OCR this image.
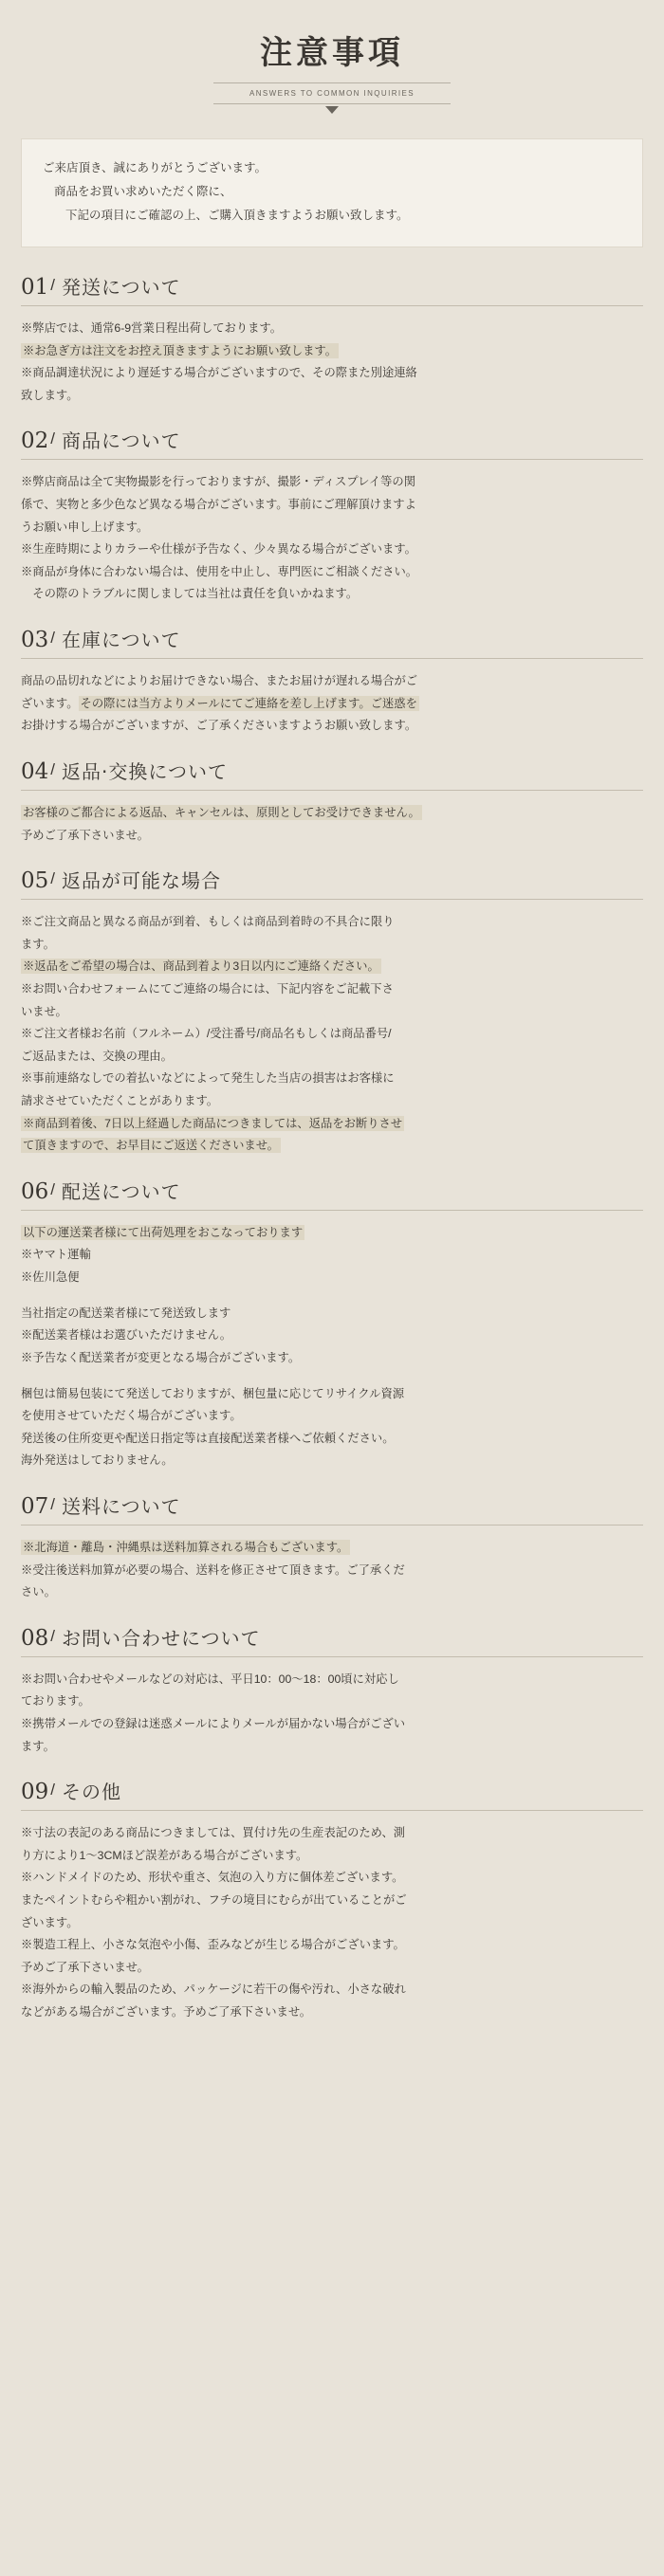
注意事項
ANSWERS TO COMMON INQUIRIES

ご来店頂き、誠にありがとうございます。

商品をお買い求めいただく際に、

下記の項目にご確認の上、ご購入頂きますようお願い致します。

01 / 発送について

※弊店では、通常6-9営業日程出荷しております。

※お急ぎ方は注文をお控え頂きますようにお願い致します。

※商品調達状況により遅延する場合がございますので、その際また別途連絡

致します。

02 / 商品について

※弊店商品は全て実物撮影を行っておりますが、撮影・ディスプレイ等の関

係で、実物と多少色など異なる場合がございます。事前にご理解頂けますよ

うお願い申し上げます。

※生産時期によりカラーや仕様が予告なく、少々異なる場合がございます。

※商品が身体に合わない場合は、使用を中止し、専門医にご相談ください。

　その際のトラブルに関しましては当社は責任を負いかねます。

03 / 在庫について

商品の品切れなどによりお届けできない場合、またお届けが遅れる場合がご

ざいます。 その際には当方よりメールにてご連絡を差し上げます。ご迷惑を

お掛けする場合がございますが、ご了承くださいますようお願い致します。

04 / 返品·交換について

お客様のご都合による返品、キャンセルは、原則としてお受けできません。

予めご了承下さいませ。

05 / 返品が可能な場合

※ご注文商品と異なる商品が到着、もしくは商品到着時の不具合に限り

ます。

※返品をご希望の場合は、商品到着より3日以内にご連絡ください。

※お問い合わせフォームにてご連絡の場合には、下記内容をご記載下さ

いませ。

※ご注文者様お名前（フルネーム）/受注番号/商品名もしくは商品番号/

ご返品または、交換の理由。

※事前連絡なしでの着払いなどによって発生した当店の損害はお客様に

請求させていただくことがあります。

※商品到着後、7日以上経過した商品につきましては、返品をお断りさせ

て頂きますので、お早目にご返送くださいませ。

06 / 配送について

以下の運送業者様にて出荷処理をおこなっております

※ヤマト運輸

※佐川急便

当社指定の配送業者様にて発送致します

※配送業者様はお選びいただけません。

※予告なく配送業者が変更となる場合がございます。

梱包は簡易包装にて発送しておりますが、梱包量に応じてリサイクル資源

を使用させていただく場合がございます。

発送後の住所変更や配送日指定等は直接配送業者様へご依頼ください。

海外発送はしておりません。

07 / 送料について

※北海道・離島・沖縄県は送料加算される場合もございます。

※受注後送料加算が必要の場合、送料を修正させて頂きます。ご了承くだ

さい。

08 / お問い合わせについて

※お問い合わせやメールなどの対応は、平日10：00～18：00頃に対応し

ております。

※携帯メールでの登録は迷惑メールによりメールが届かない場合がござい

ます。

09 / その他

※寸法の表記のある商品につきましては、買付け先の生産表記のため、測

り方により1～3CMほど誤差がある場合がございます。

※ハンドメイドのため、形状や重さ、気泡の入り方に個体差ございます。

またペイントむらや粗かい割がれ、フチの境目にむらが出ていることがご

ざいます。

※製造工程上、小さな気泡や小傷、歪みなどが生じる場合がございます。

予めご了承下さいませ。

※海外からの輸入製品のため、パッケージに若干の傷や汚れ、小さな破れ

などがある場合がございます。予めご了承下さいませ。
